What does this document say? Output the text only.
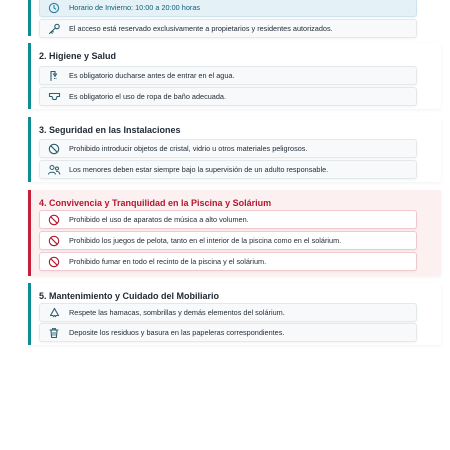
Horario de Invierno: 10:00 a 20:00 horas
El acceso está reservado exclusivamente a propietarios y residentes autorizados.
2. Higiene y Salud
Es obligatorio ducharse antes de entrar en el agua.
Es obligatorio el uso de ropa de baño adecuada.
3. Seguridad en las Instalaciones
Prohibido introducir objetos de cristal, vidrio u otros materiales peligrosos.
Los menores deben estar siempre bajo la supervisión de un adulto responsable.
4. Convivencia y Tranquilidad en la Piscina y Solárium
Prohibido el uso de aparatos de música a alto volumen.
Prohibido los juegos de pelota, tanto en el interior de la piscina como en el solárium.
Prohibido fumar en todo el recinto de la piscina y el solárium.
5. Mantenimiento y Cuidado del Mobiliario
Respete las hamacas, sombrillas y demás elementos del solárium.
Deposite los residuos y basura en las papeleras correspondientes.
